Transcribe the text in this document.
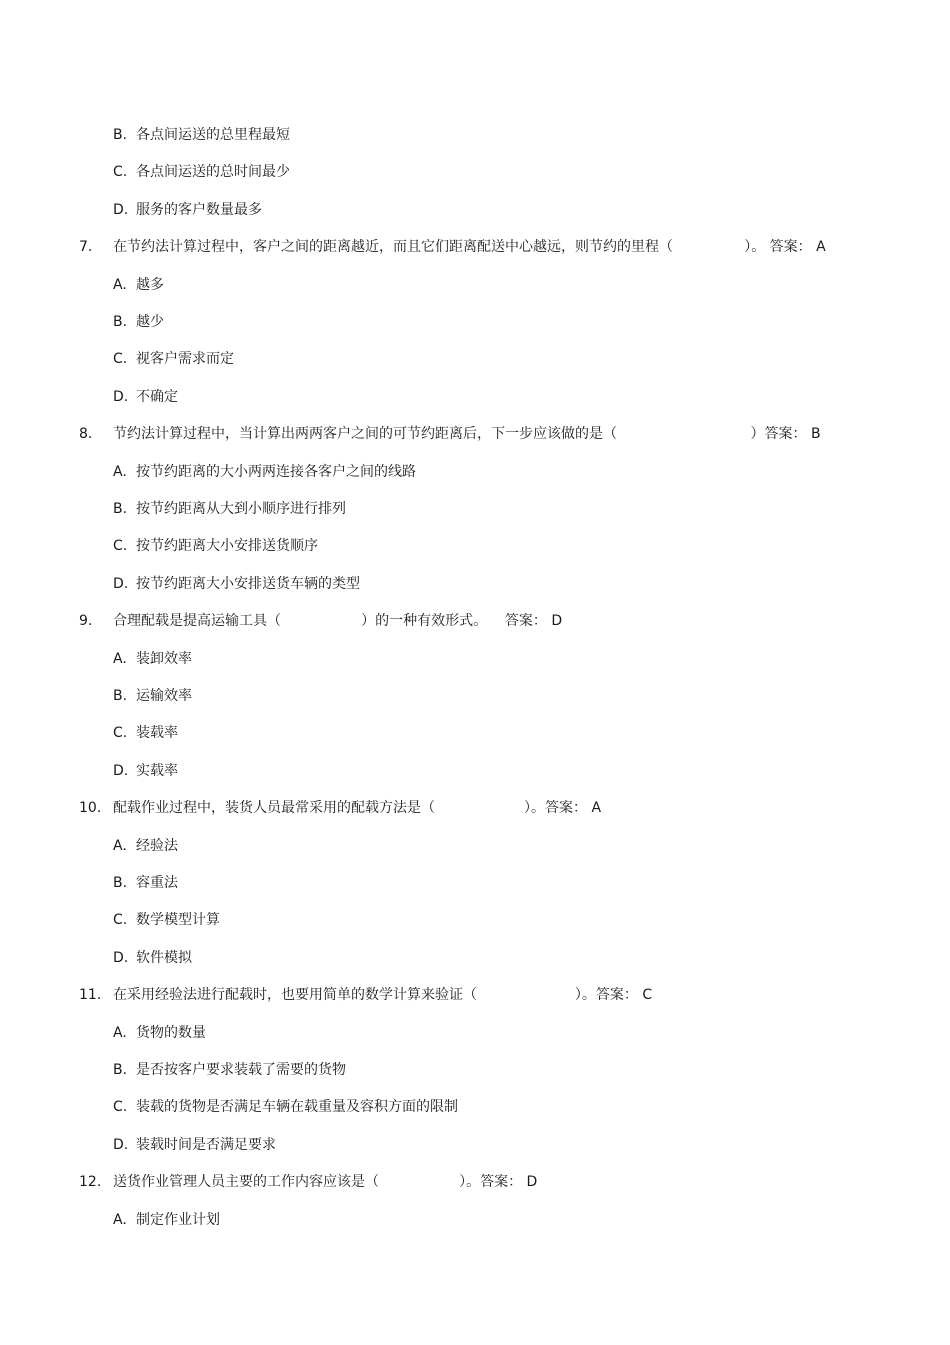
B. 各点间运送的总里程最短
C. 各点间运送的总时间最少
D. 服务的客户数量最多
7. 在节约法计算过程中，客户之间的距离越近，而且它们距离配送中心越远，则节约的里程（                ）。 答案： A
A. 越多
B. 越少
C. 视客户需求而定
D. 不确定
8. 节约法计算过程中，当计算出两两客户之间的可节约距离后，下一步应该做的是（                              ）答案： B
A. 按节约距离的大小两两连接各客户之间的线路
B. 按节约距离从大到小顺序进行排列
C. 按节约距离大小安排送货顺序
D. 按节约距离大小安排送货车辆的类型
9. 合理配载是提高运输工具（                  ）的一种有效形式。    答案： D
A. 装卸效率
B. 运输效率
C. 装载率
D. 实载率
10. 配载作业过程中，装货人员最常采用的配载方法是（                    ）。答案： A
A. 经验法
B. 容重法
C. 数学模型计算
D. 软件模拟
11. 在采用经验法进行配载时，也要用简单的数学计算来验证（                      ）。答案： C
A. 货物的数量
B. 是否按客户要求装载了需要的货物
C. 装载的货物是否满足车辆在载重量及容积方面的限制
D. 装载时间是否满足要求
12. 送货作业管理人员主要的工作内容应该是（                  ）。答案： D
A. 制定作业计划
